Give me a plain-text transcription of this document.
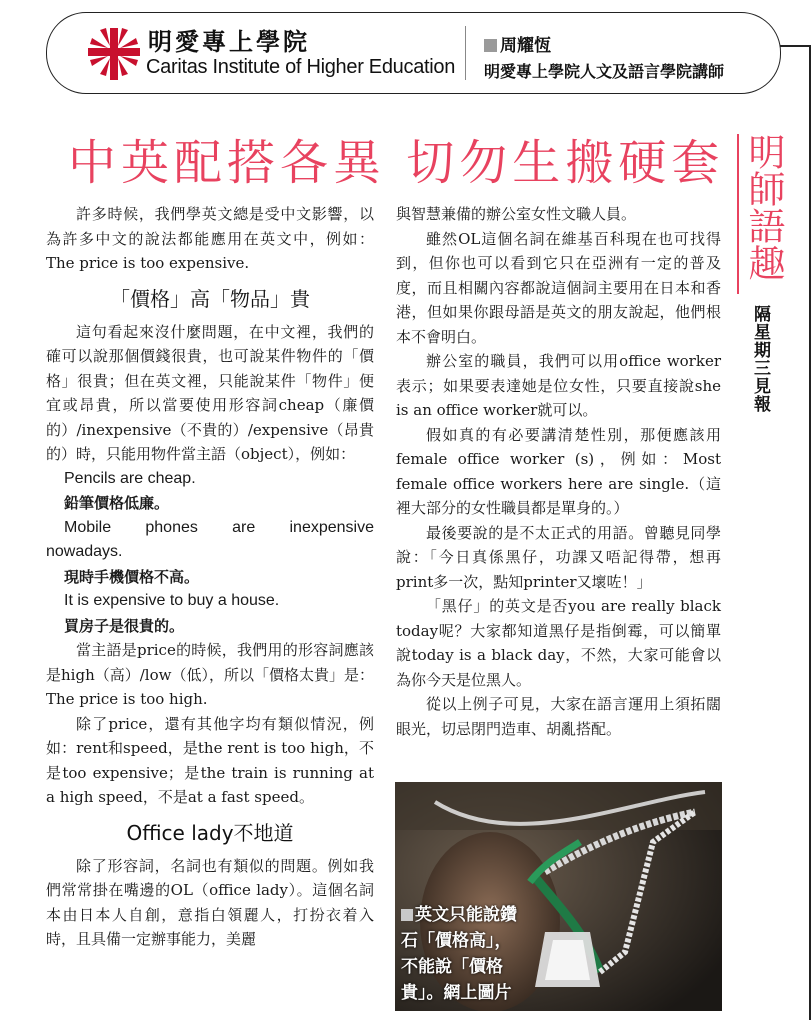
明愛專上學院
Caritas Institute of Higher Education
周耀恆
明愛專上學院人文及語言學院講師
中英配搭各異 切勿生搬硬套 明師語趣
隔星期三見報

許多時候，我們學英文總是受中文影響，以為許多中文的說法都能應用在英文中，例如：The price is too expensive.

「價格」高「物品」貴

這句看起來沒什麼問題，在中文裡，我們的確可以說那個價錢很貴，也可說某件物件的「價格」很貴；但在英文裡，只能說某件「物件」便宜或昂貴，所以當要使用形容詞cheap（廉價的）/inexpensive（不貴的）/expensive（昂貴的）時，只能用物件當主語（object），例如：

Pencils are cheap.

鉛筆價格低廉。

Mobile phones are inexpensive

nowadays.

現時手機價格不高。

It is expensive to buy a house.

買房子是很貴的。

當主語是price的時候，我們用的形容詞應該是high（高）/low（低），所以「價格太貴」是：The price is too high.

除了price，還有其他字均有類似情況，例如：rent和speed，是the rent is too high，不是too expensive；是the train is running at a high speed，不是at a fast speed。

Office lady不地道

除了形容詞，名詞也有類似的問題。例如我們常常掛在嘴邊的OL（office lady）。這個名詞本由日本人自創，意指白領麗人，打扮衣着入時，且具備一定辦事能力，美麗

與智慧兼備的辦公室女性文職人員。

雖然OL這個名詞在維基百科現在也可找得到，但你也可以看到它只在亞洲有一定的普及度，而且相關內容都說這個詞主要用在日本和香港，但如果你跟母語是英文的朋友說起，他們根本不會明白。

辦公室的職員，我們可以用office worker表示；如果要表達她是位女性，只要直接說she is an office worker就可以。

假如真的有必要講清楚性別，那便應該用female office worker (s)，例如：Most female office workers here are single.（這裡大部分的女性職員都是單身的。）

最後要說的是不太正式的用語。曾聽見同學說：「今日真係黑仔，功課又唔記得帶，想再print多一次，點知printer又壞咗！」

「黑仔」的英文是否you are really black today呢？大家都知道黑仔是指倒霉，可以簡單說today is a black day，不然，大家可能會以為你今天是位黑人。

從以上例子可見，大家在語言運用上須拓闊眼光，切忌閉門造車、胡亂搭配。

英文只能說鑽
石「價格高」，
不能說「價格
貴」。網上圖片
